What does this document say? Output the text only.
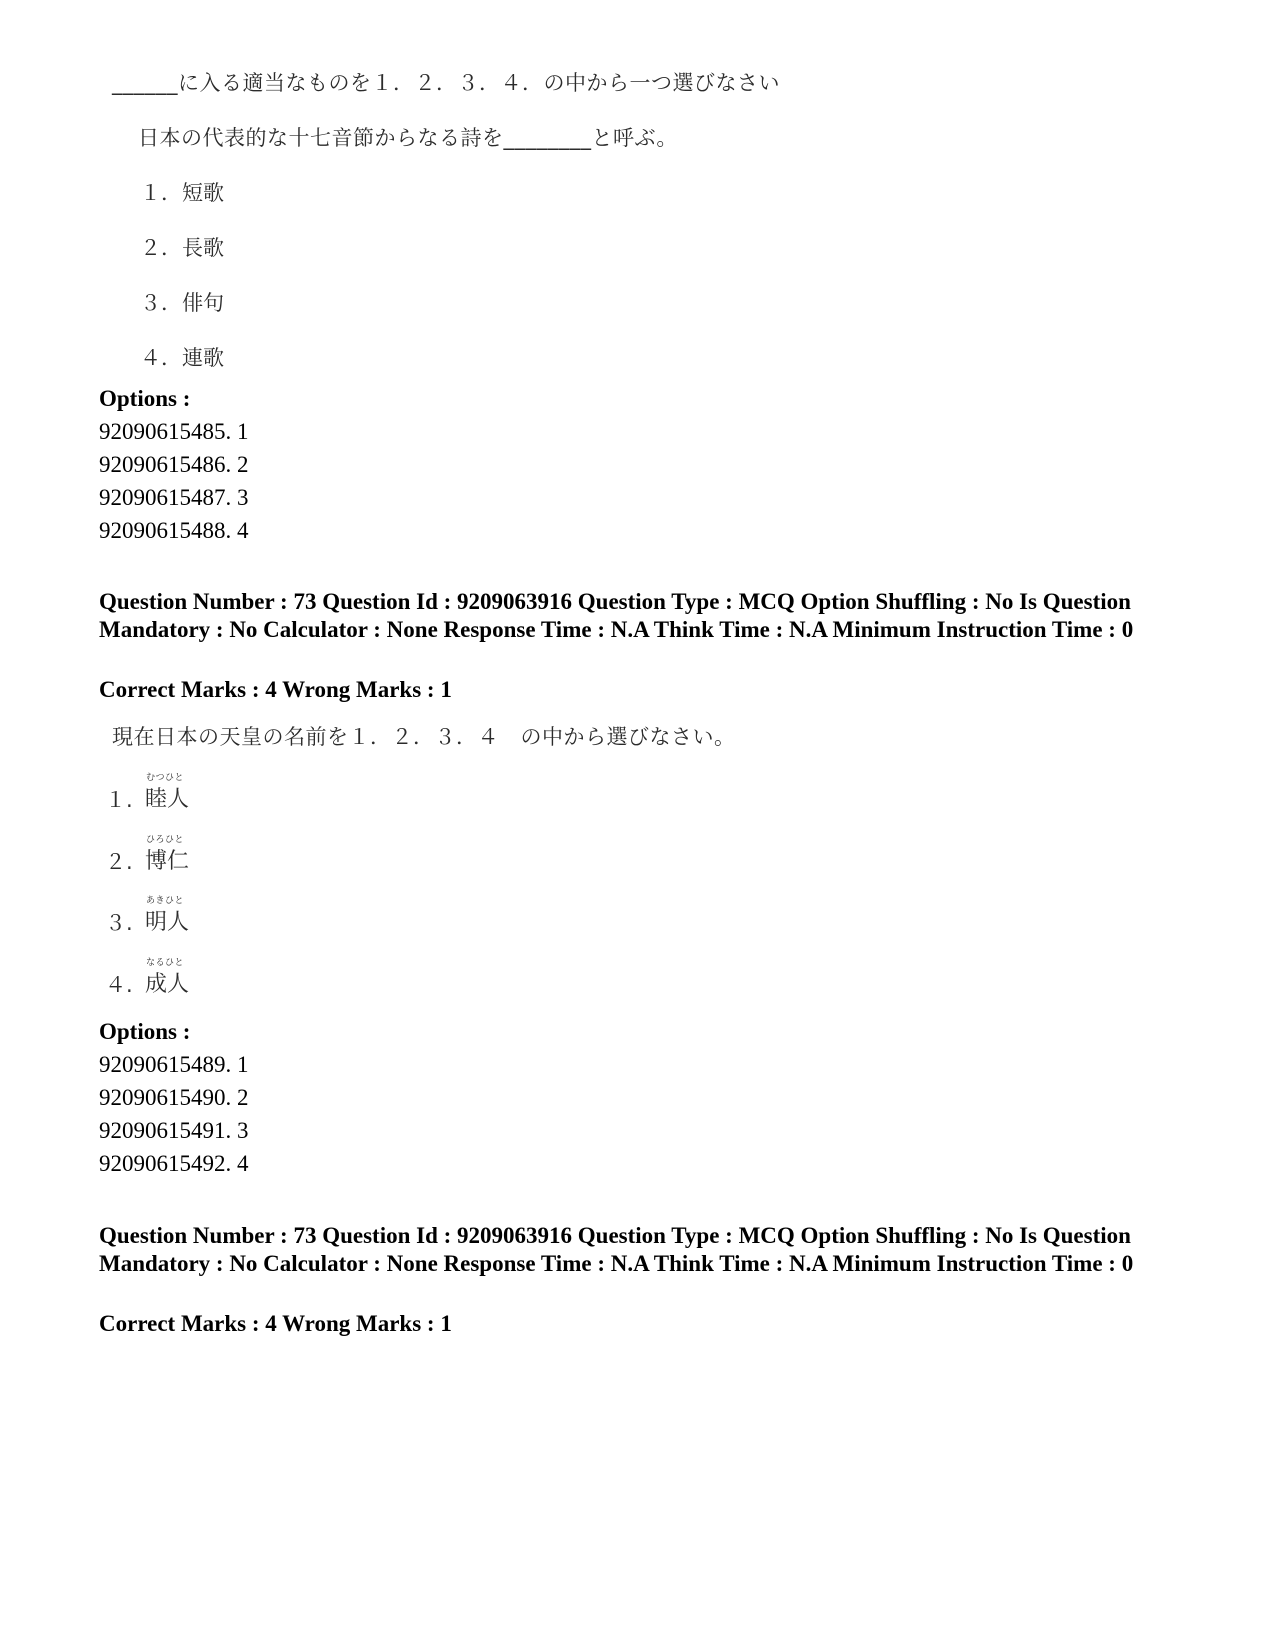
______に入る適当なものを１．２．３．４．の中から一つ選びなさい
日本の代表的な十七音節からなる詩を________と呼ぶ。
１．短歌
２．長歌
３．俳句
４．連歌
Options :
92090615485. 1
92090615486. 2
92090615487. 3
92090615488. 4
Question Number : 73 Question Id : 9209063916 Question Type : MCQ Option Shuffling : No Is Question Mandatory : No Calculator : None Response Time : N.A Think Time : N.A Minimum Instruction Time : 0
Correct Marks : 4 Wrong Marks : 1
現在日本の天皇の名前を１．２．３．４　の中から選びなさい。
１.
むつひと
睦人
２.
ひろひと
博仁
３.
あきひと
明人
４.
なるひと
成人
Options :
92090615489. 1
92090615490. 2
92090615491. 3
92090615492. 4
Question Number : 73 Question Id : 9209063916 Question Type : MCQ Option Shuffling : No Is Question Mandatory : No Calculator : None Response Time : N.A Think Time : N.A Minimum Instruction Time : 0
Correct Marks : 4 Wrong Marks : 1
